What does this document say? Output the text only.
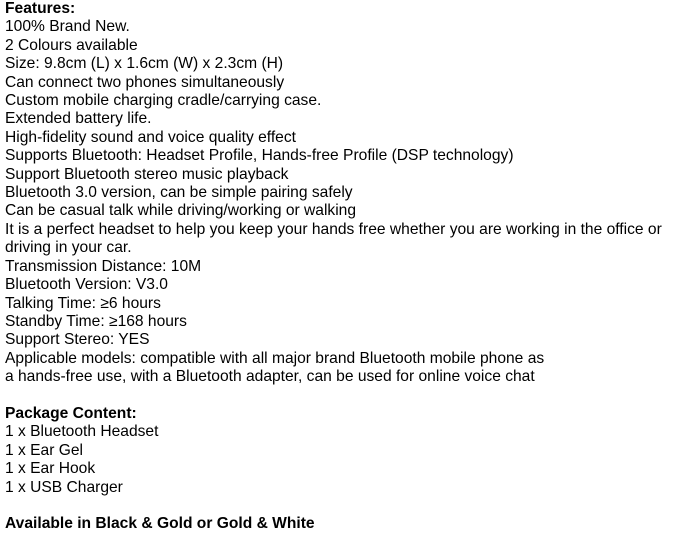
Features:
100% Brand New.
2 Colours available
Size: 9.8cm (L) x 1.6cm (W) x 2.3cm (H)
Can connect two phones simultaneously
Custom mobile charging cradle/carrying case.
Extended battery life.
High-fidelity sound and voice quality effect
Supports Bluetooth: Headset Profile, Hands-free Profile (DSP technology)
Support Bluetooth stereo music playback
Bluetooth 3.0 version, can be simple pairing safely
Can be casual talk while driving/working or walking
It is a perfect headset to help you keep your hands free whether you are working in the office or driving in your car.
Transmission Distance: 10M
Bluetooth Version: V3.0
Talking Time: ≥6 hours
Standby Time: ≥168 hours
Support Stereo: YES
Applicable models: compatible with all major brand Bluetooth mobile phone as
a hands-free use, with a Bluetooth adapter, can be used for online voice chat
Package Content:
1 x Bluetooth Headset
1 x Ear Gel
1 x Ear Hook
1 x USB Charger
Available in Black & Gold or Gold & White
